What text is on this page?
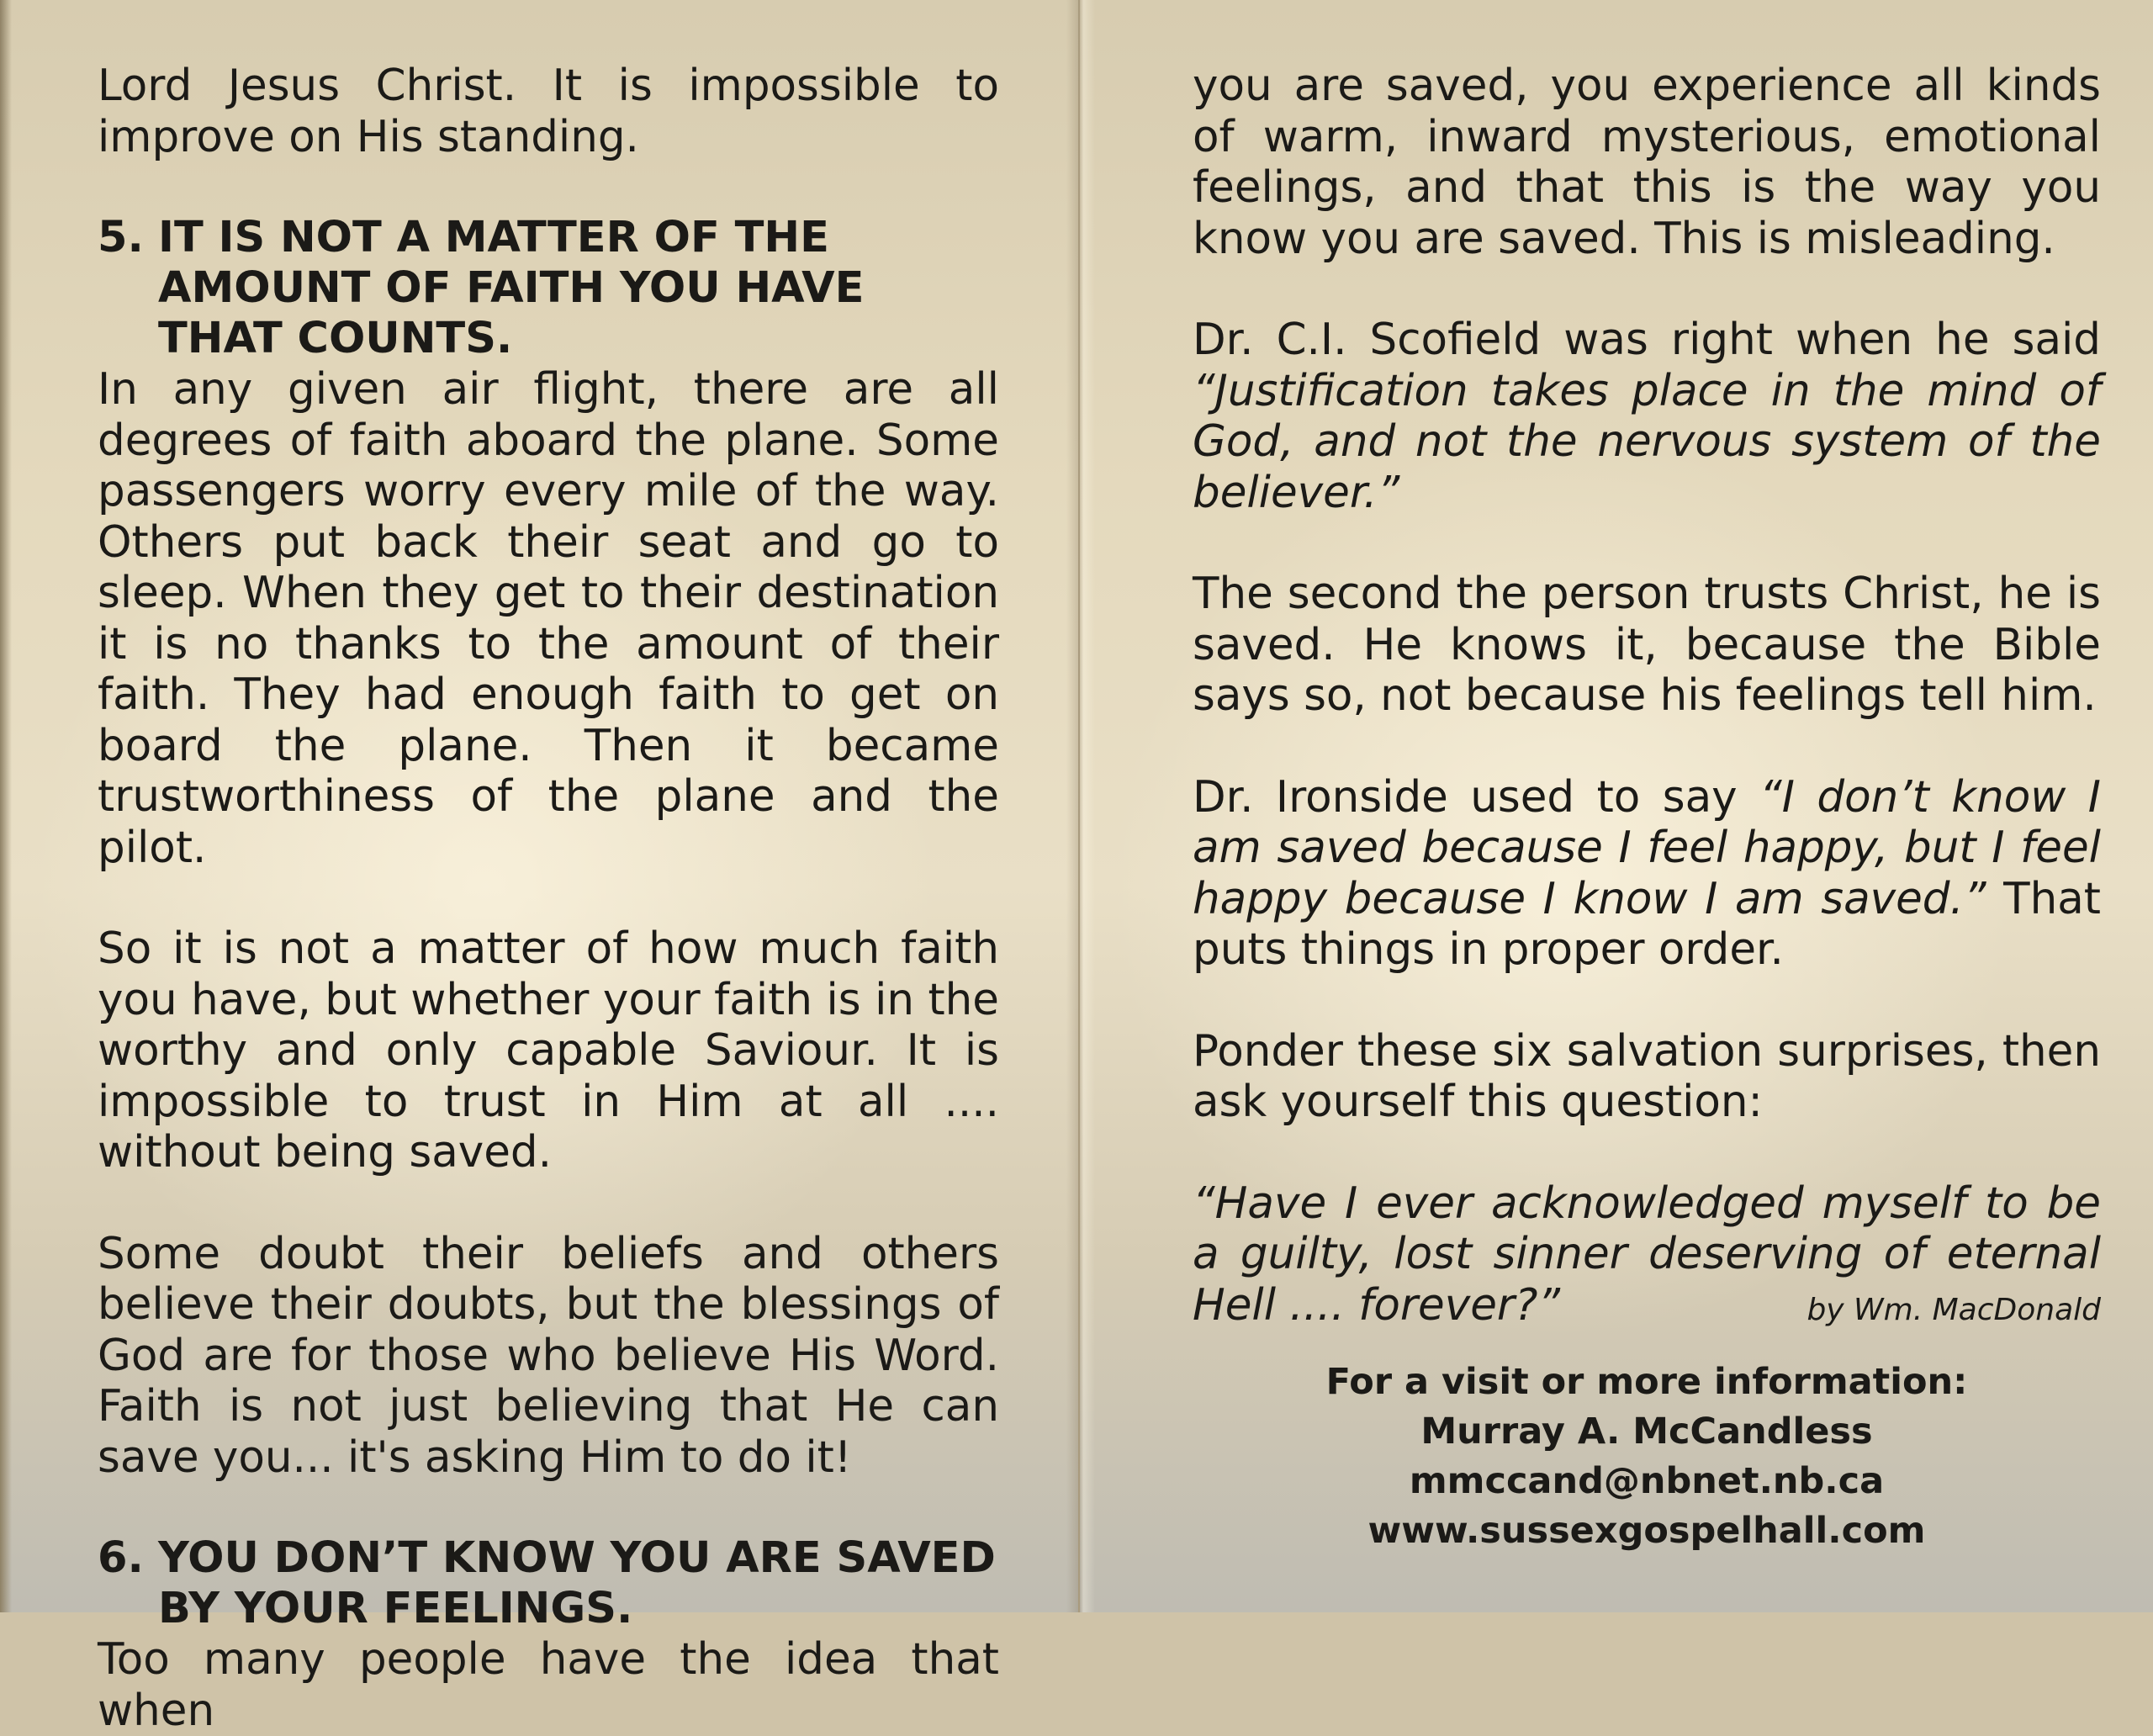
Lord Jesus Christ. It is impossible to improve on His standing.

5. IT IS NOT A MATTER OF THE AMOUNT OF FAITH YOU HAVE THAT COUNTS.

In any given air flight, there are all degrees of faith aboard the plane. Some passengers worry every mile of the way. Others put back their seat and go to sleep. When they get to their destination it is no thanks to the amount of their faith. They had enough faith to get on board the plane. Then it became trustworthiness of the plane and the pilot.

So it is not a matter of how much faith you have, but whether your faith is in the worthy and only capable Saviour. It is impossible to trust in Him at all .... without being saved.

Some doubt their beliefs and others believe their doubts, but the blessings of God are for those who believe His Word. Faith is not just believing that He can save you... it's asking Him to do it!

6. YOU DON’T KNOW YOU ARE SAVED BY YOUR FEELINGS.

Too many people have the idea that when

you are saved, you experience all kinds of warm, inward mysterious, emotional feelings, and that this is the way you know you are saved. This is misleading.

Dr. C.I. Scofield was right when he said “Justification takes place in the mind of God, and not the nervous system of the believer.”

The second the person trusts Christ, he is saved. He knows it, because the Bible says so, not because his feelings tell him.

Dr. Ironside used to say “I don’t know I am saved because I feel happy, but I feel happy because I know I am saved.” That puts things in proper order.

Ponder these six salvation surprises, then ask yourself this question:

“Have I ever acknowledged myself to be a guilty, lost sinner deserving of eternal Hell .... forever?”	by Wm. MacDonald
For a visit or more information:
Murray A. McCandless
mmccand@nbnet.nb.ca
www.sussexgospelhall.com
